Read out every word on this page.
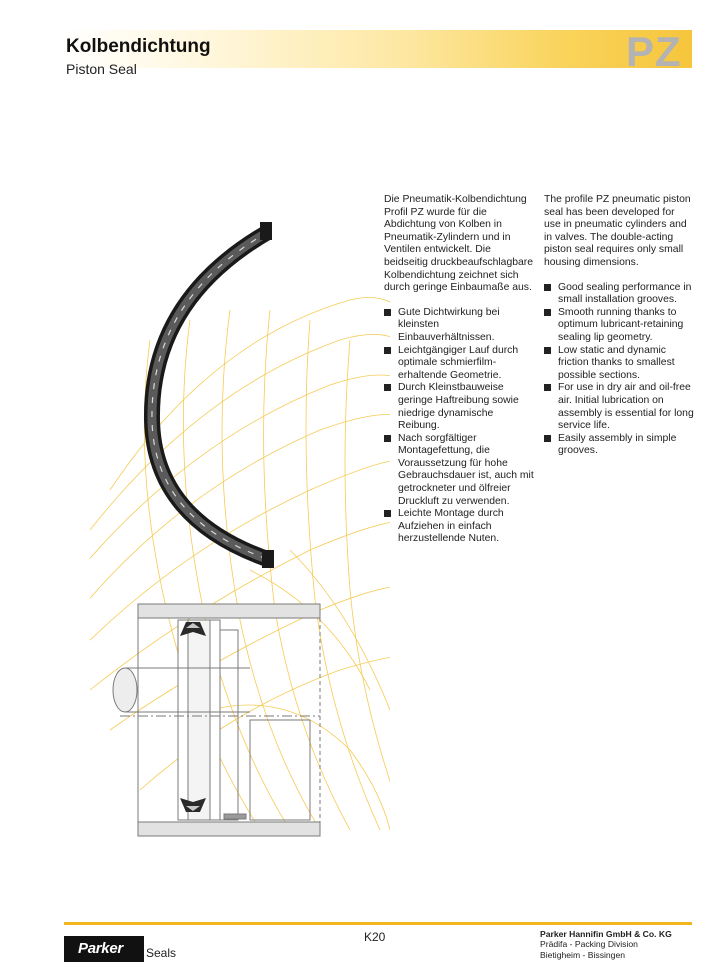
Kolbendichtung
Piston Seal	PZ

Die Pneumatik-Kolbendichtung Profil PZ wurde für die Abdichtung von Kolben in Pneumatik-Zylindern und in Ventilen entwickelt. Die beidseitig druckbeaufschlagbare Kolbendichtung zeichnet sich durch geringe Einbaumaße aus.

Gute Dichtwirkung bei kleinsten Einbauverhältnissen.
Leichtgängiger Lauf durch optimale schmierfilm-erhaltende Geometrie.
Durch Kleinstbauweise geringe Haftreibung sowie niedrige dynamische Reibung.
Nach sorgfältiger Montagefettung, die Voraussetzung für hohe Gebrauchsdauer ist, auch mit getrockneter und ölfreier Druckluft zu verwenden.
Leichte Montage durch Aufziehen in einfach herzustellende Nuten.

The profile PZ pneumatic piston seal has been developed for use in pneumatic cylinders and in valves. The double-acting piston seal requires only small housing dimensions.

Good sealing performance in small installation grooves.
Smooth running thanks to optimum lubricant-retaining sealing lip geometry.
Low static and dynamic friction thanks to smallest possible sections.
For use in dry air and oil-free air. Initial lubrication on assembly is essential for long service life.
Easily assembly in simple grooves.
Parker Seals
K20	Parker Hannifin GmbH & Co. KG
Prädifa - Packing Division
Bietigheim - Bissingen
